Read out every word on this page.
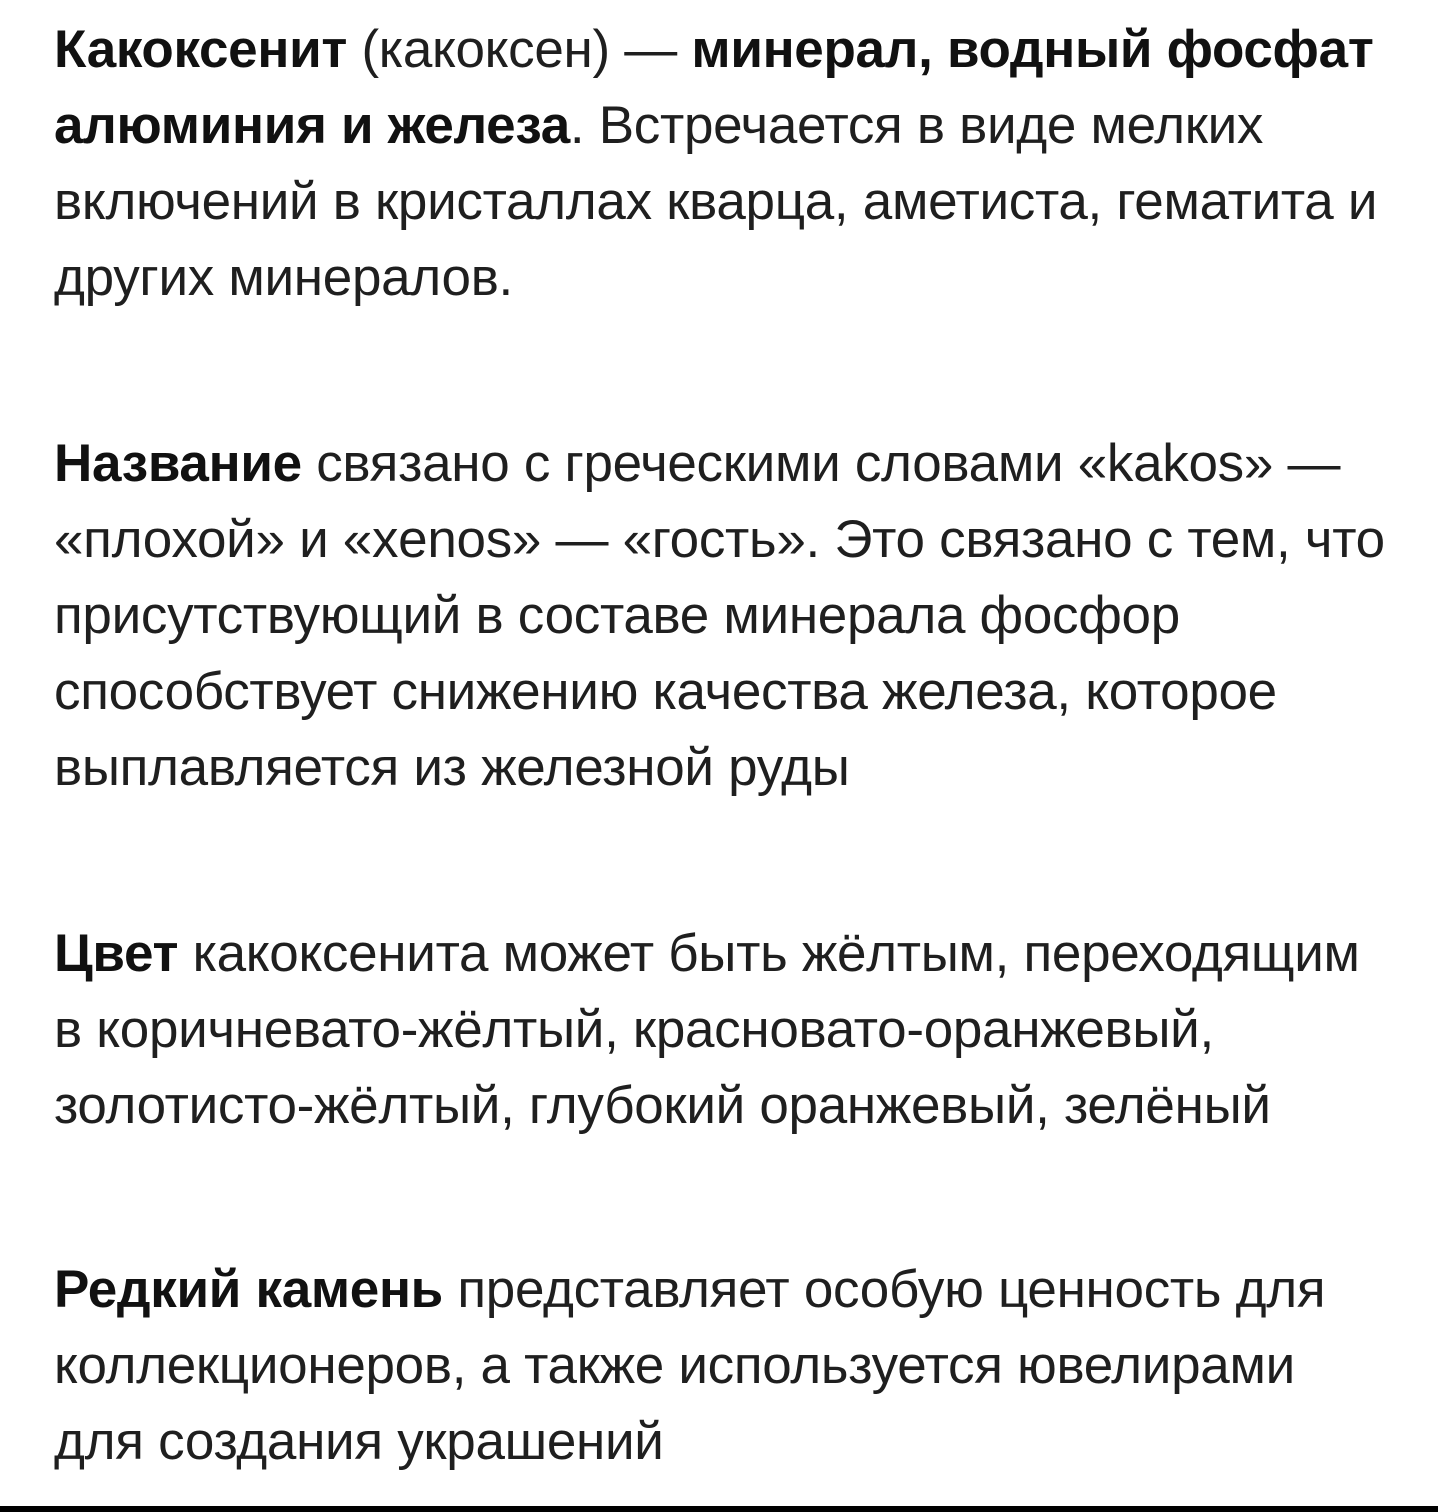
Какоксенит (какоксен) — минерал, водный фосфат алюминия и железа. Встречается в виде мелких включений в кристаллах кварца, аметиста, гематита и других минералов.

Название связано с греческими словами «kakos» — «плохой» и «xenos» — «гость». Это связано с тем, что присутствующий в составе минерала фосфор способствует снижению качества железа, которое выплавляется из железной руды

Цвет какоксенита может быть жёлтым, переходящим в коричневато-жёлтый, красновато-оранжевый, золотисто-жёлтый, глубокий оранжевый, зелёный

Редкий камень представляет особую ценность для коллекционеров, а также используется ювелирами для создания украшений
